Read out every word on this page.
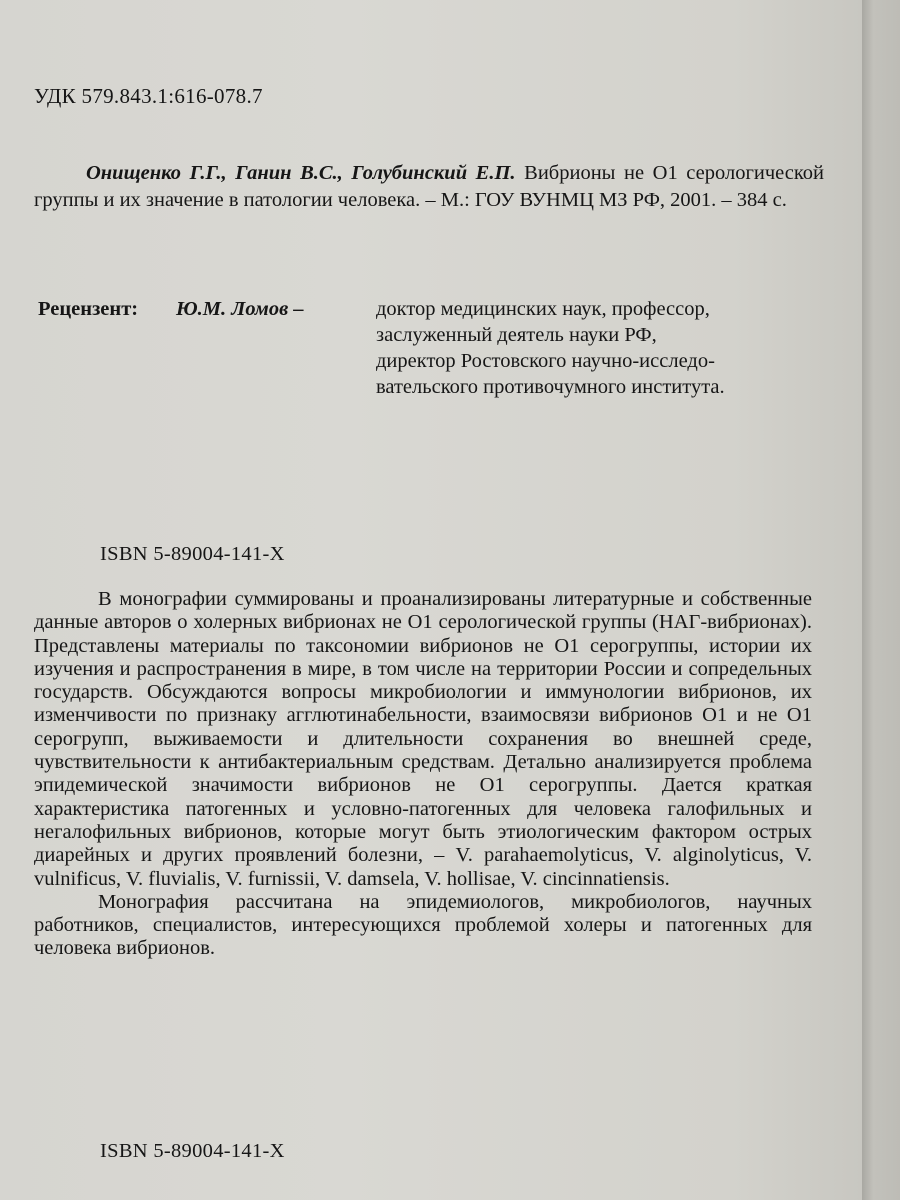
УДК 579.843.1:616-078.7
Онищенко Г.Г., Ганин В.С., Голубинский Е.П. Вибрионы не O1 серологической группы и их значение в патологии человека. – М.: ГОУ ВУНМЦ МЗ РФ, 2001. – 384 с.
Рецензент: Ю.М. Ломов –	доктор медицинских наук, профессор,
заслуженный деятель науки РФ,
директор Ростовского научно-исследо-
вательского противочумного института.
ISBN 5-89004-141-X

В монографии суммированы и проанализированы литературные и собственные данные авторов о холерных вибрионах не O1 серологической группы (НАГ-вибрионах). Представлены материалы по таксономии вибрионов не O1 серогруппы, истории их изучения и распространения в мире, в том числе на территории России и сопредельных государств. Обсуждаются вопросы микробиологии и иммунологии вибрионов, их изменчивости по признаку агглютинабельности, взаимосвязи вибрионов O1 и не O1 серогрупп, выживаемости и длительности сохранения во внешней среде, чувствительности к антибактериальным средствам. Детально анализируется проблема эпидемической значимости вибрионов не O1 серогруппы. Дается краткая характеристика патогенных и условно-патогенных для человека галофильных и негалофильных вибрионов, которые могут быть этиологическим фактором острых диарейных и других проявлений болезни, – V. parahaemolyticus, V. alginolyticus, V. vulnificus, V. fluvialis, V. furnissii, V. damsela, V. hollisae, V. cincinnatiensis.

Монография рассчитана на эпидемиологов, микробиологов, научных работников, специалистов, интересующихся проблемой холеры и патогенных для человека вибрионов.

ISBN 5-89004-141-X
